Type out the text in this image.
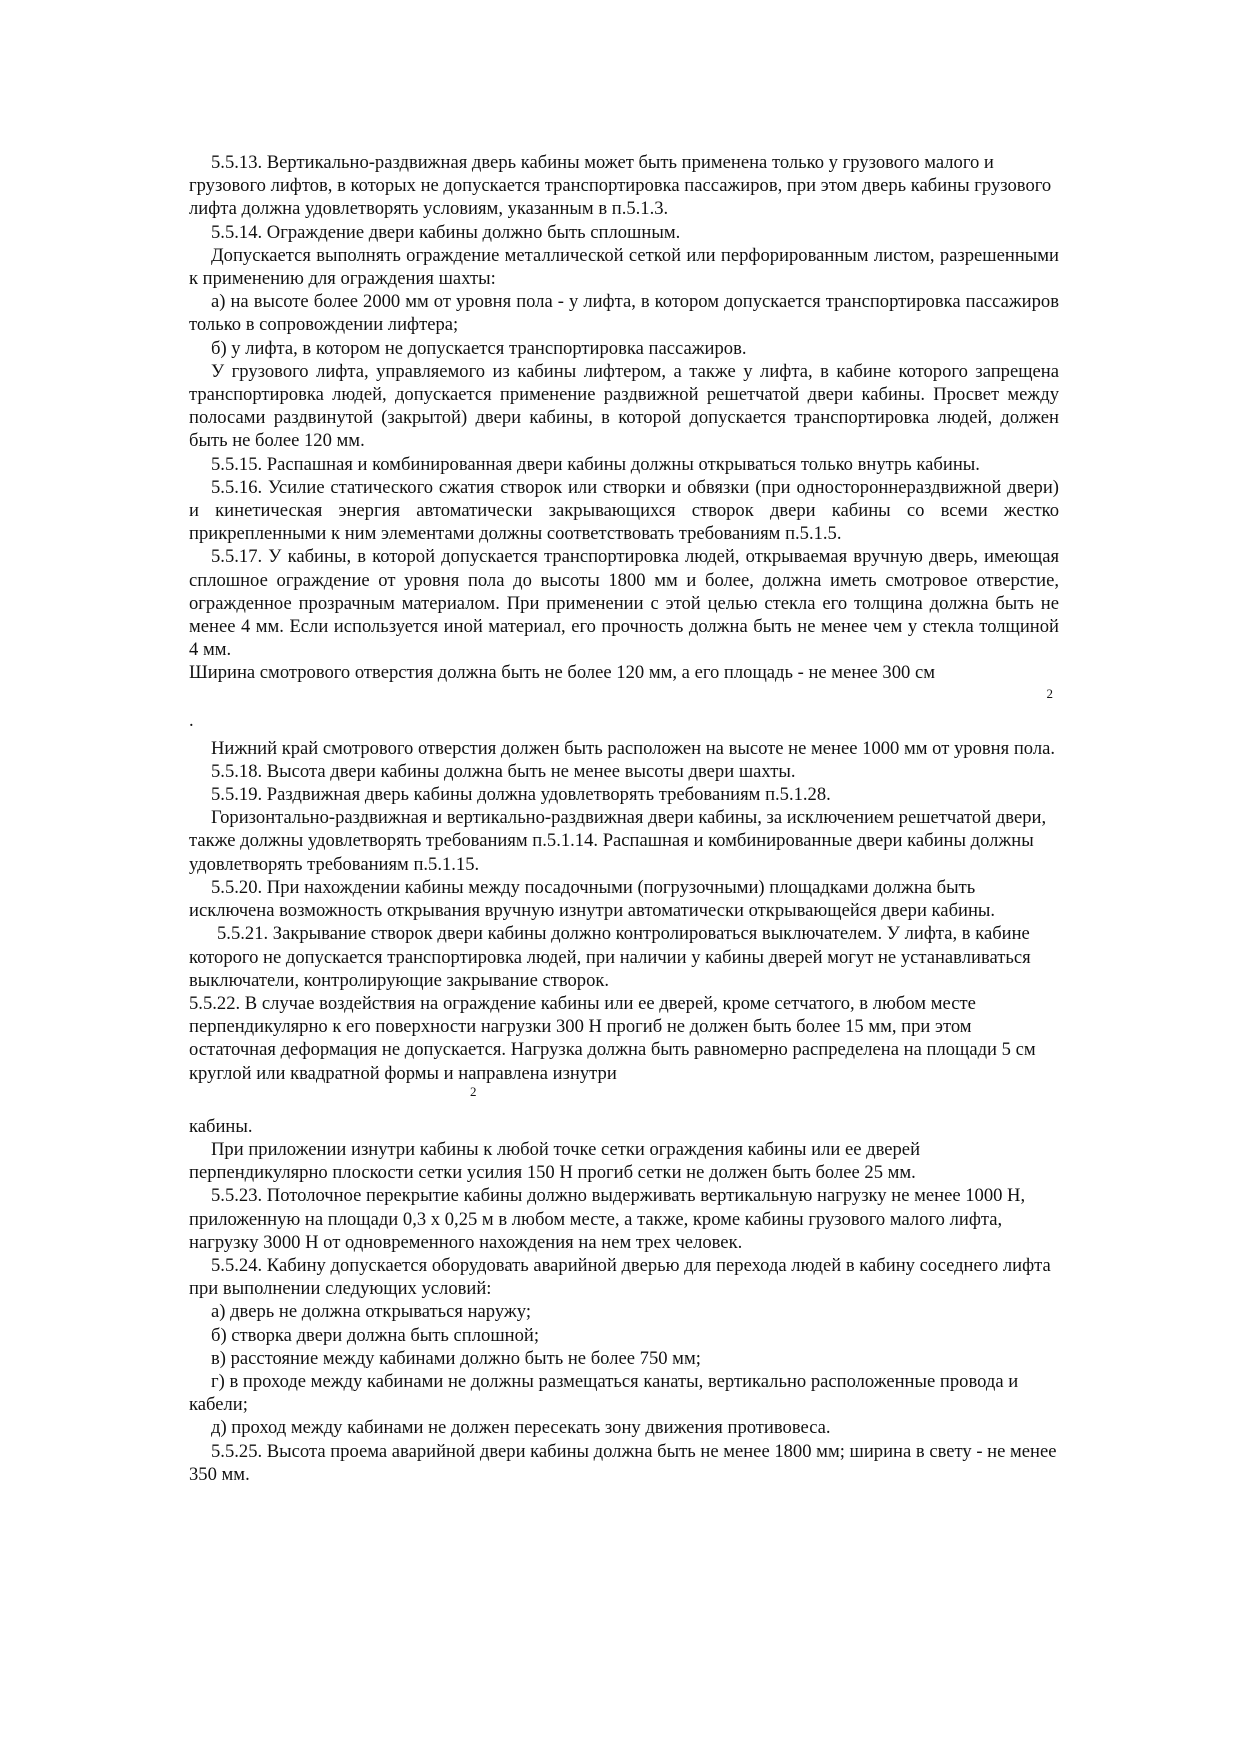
5.5.13. Вертикально-раздвижная дверь кабины может быть применена только у грузового малого и грузового лифтов, в которых не допускается транспортировка пассажиров, при этом дверь кабины грузового лифта должна удовлетворять условиям, указанным в п.5.1.3.

5.5.14. Ограждение двери кабины должно быть сплошным.

Допускается выполнять ограждение металлической сеткой или перфорированным листом, разрешенными к применению для ограждения шахты:

а) на высоте более 2000 мм от уровня пола - у лифта, в котором допускается транспортировка пассажиров только в сопровождении лифтера;

б) у лифта, в котором не допускается транспортировка пассажиров.

У грузового лифта, управляемого из кабины лифтером, а также у лифта, в кабине которого запрещена транспортировка людей, допускается применение раздвижной решетчатой двери кабины. Просвет между полосами раздвинутой (закрытой) двери кабины, в которой допускается транспортировка людей, должен быть не более 120 мм.

5.5.15. Распашная и комбинированная двери кабины должны открываться только внутрь кабины.

5.5.16. Усилие статического сжатия створок или створки и обвязки (при одностороннераздвижной двери) и кинетическая энергия автоматически закрывающихся створок двери кабины со всеми жестко прикрепленными к ним элементами должны соответствовать требованиям п.5.1.5.

5.5.17. У кабины, в которой допускается транспортировка людей, открываемая вручную дверь, имеющая сплошное ограждение от уровня пола до высоты 1800 мм и более, должна иметь смотровое отверстие, огражденное прозрачным материалом. При применении с этой целью стекла его толщина должна быть не менее 4 мм. Если используется иной материал, его прочность должна быть не менее чем у стекла толщиной 4 мм.

Ширина смотрового отверстия должна быть не более 120 мм, а его площадь - не менее 300 см

2

.

Нижний край смотрового отверстия должен быть расположен на высоте не менее 1000 мм от уровня пола.

5.5.18. Высота двери кабины должна быть не менее высоты двери шахты.

5.5.19. Раздвижная дверь кабины должна удовлетворять требованиям п.5.1.28.

Горизонтально-раздвижная и вертикально-раздвижная двери кабины, за исключением решетчатой двери, также должны удовлетворять требованиям п.5.1.14. Распашная и комбинированные двери кабины должны удовлетворять требованиям п.5.1.15.

5.5.20. При нахождении кабины между посадочными (погрузочными) площадками должна быть исключена возможность открывания вручную изнутри автоматически открывающейся двери кабины.

5.5.21. Закрывание створок двери кабины должно контролироваться выключателем. У лифта, в кабине которого не допускается транспортировка людей, при наличии у кабины дверей могут не устанавливаться выключатели, контролирующие закрывание створок.

5.5.22. В случае воздействия на ограждение кабины или ее дверей, кроме сетчатого, в любом месте перпендикулярно к его поверхности нагрузки 300 Н прогиб не должен быть более 15 мм, при этом остаточная деформация не допускается. Нагрузка должна быть равномерно распределена на площади 5 см круглой или квадратной формы и направлена изнутри

2

кабины.

При приложении изнутри кабины к любой точке сетки ограждения кабины или ее дверей перпендикулярно плоскости сетки усилия 150 Н прогиб сетки не должен быть более 25 мм.

5.5.23. Потолочное перекрытие кабины должно выдерживать вертикальную нагрузку не менее 1000 Н, приложенную на площади 0,3 х 0,25 м в любом месте, а также, кроме кабины грузового малого лифта, нагрузку 3000 Н от одновременного нахождения на нем трех человек.

5.5.24. Кабину допускается оборудовать аварийной дверью для перехода людей в кабину соседнего лифта при выполнении следующих условий:

а) дверь не должна открываться наружу;

б) створка двери должна быть сплошной;

в) расстояние между кабинами должно быть не более 750 мм;

г) в проходе между кабинами не должны размещаться канаты, вертикально расположенные провода и кабели;

д) проход между кабинами не должен пересекать зону движения противовеса.

5.5.25. Высота проема аварийной двери кабины должна быть не менее 1800 мм; ширина в свету - не менее 350 мм.
